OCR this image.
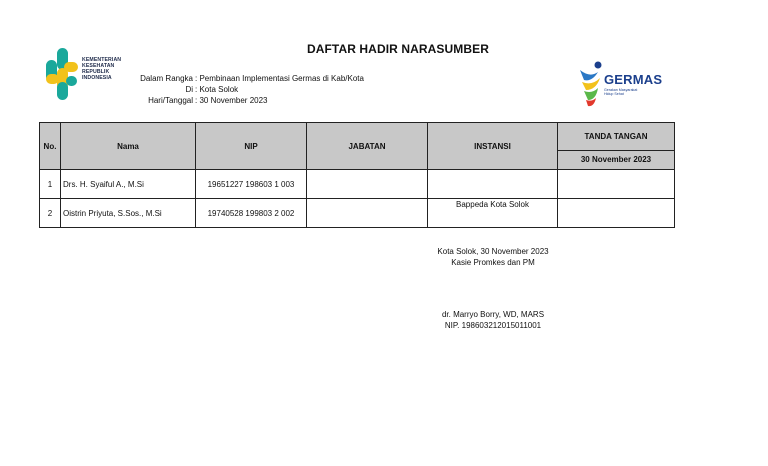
KEMENTERIAN
KESEHATAN
REPUBLIK
INDONESIA
DAFTAR HADIR NARASUMBER
Dalam Rangka : Pembinaan Implementasi Germas di Kab/Kota
Di : Kota Solok
Hari/Tanggal : 30 November 2023
GERMAS
Gerakan Masyarakat
Hidup Sehat
No.	Nama	NIP	JABATAN	INSTANSI	TANDA TANGAN
					30 November 2023
1	Drs. H. Syaiful A., M.Si	19651227 198603 1 003			
2	Oistrin Priyuta, S.Sos., M.Si	19740528 199803 2 002		Bappeda Kota Solok	
Kota Solok, 30 November 2023
Kasie Promkes dan PM
dr. Marryo Borry, WD, MARS
NIP. 198603212015011001
